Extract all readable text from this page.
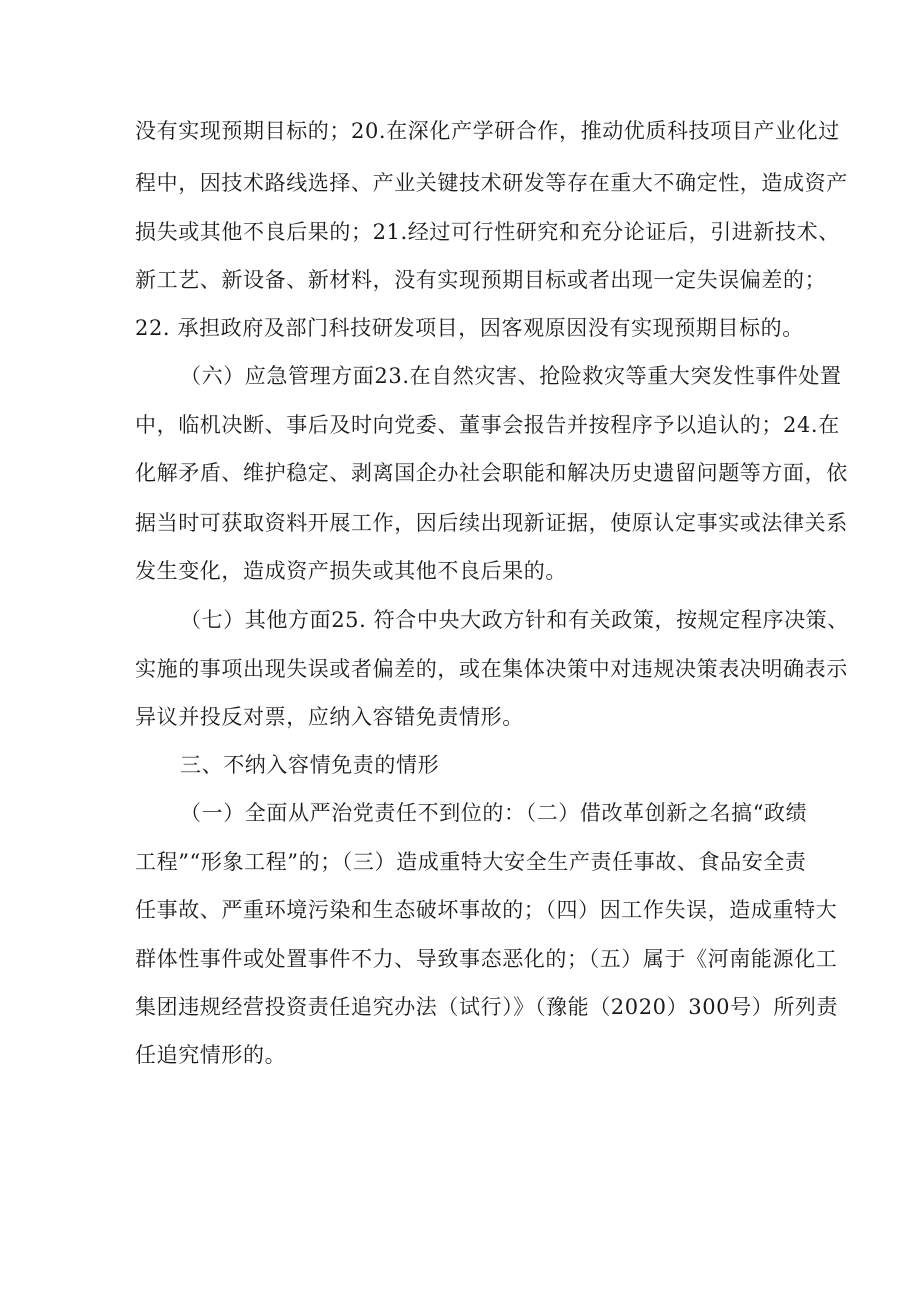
没有实现预期目标的；20.在深化产学研合作，推动优质科技项目产业化过
程中，因技术路线选择、产业关键技术研发等存在重大不确定性，造成资产
损失或其他不良后果的；21.经过可行性研究和充分论证后，引进新技术、
新工艺、新设备、新材料，没有实现预期目标或者出现一定失误偏差的；
22. 承担政府及部门科技研发项目，因客观原因没有实现预期目标的。
（六）应急管理方面23.在自然灾害、抢险救灾等重大突发性事件处置
中，临机决断、事后及时向党委、董事会报告并按程序予以追认的；24.在
化解矛盾、维护稳定、剥离国企办社会职能和解决历史遗留问题等方面，依
据当时可获取资料开展工作，因后续出现新证据，使原认定事实或法律关系
发生变化，造成资产损失或其他不良后果的。
（七）其他方面25. 符合中央大政方针和有关政策，按规定程序决策、
实施的事项出现失误或者偏差的，或在集体决策中对违规决策表决明确表示
异议并投反对票，应纳入容错免责情形。
三、不纳入容情免责的情形
（一）全面从严治党责任不到位的：（二）借改革创新之名搞“政绩
工程”“形象工程”的；（三）造成重特大安全生产责任事故、食品安全责
任事故、严重环境污染和生态破坏事故的；（四）因工作失误，造成重特大
群体性事件或处置事件不力、导致事态恶化的；（五）属于《河南能源化工
集团违规经营投资责任追究办法（试行）》（豫能（2020）300号）所列责
任追究情形的。
